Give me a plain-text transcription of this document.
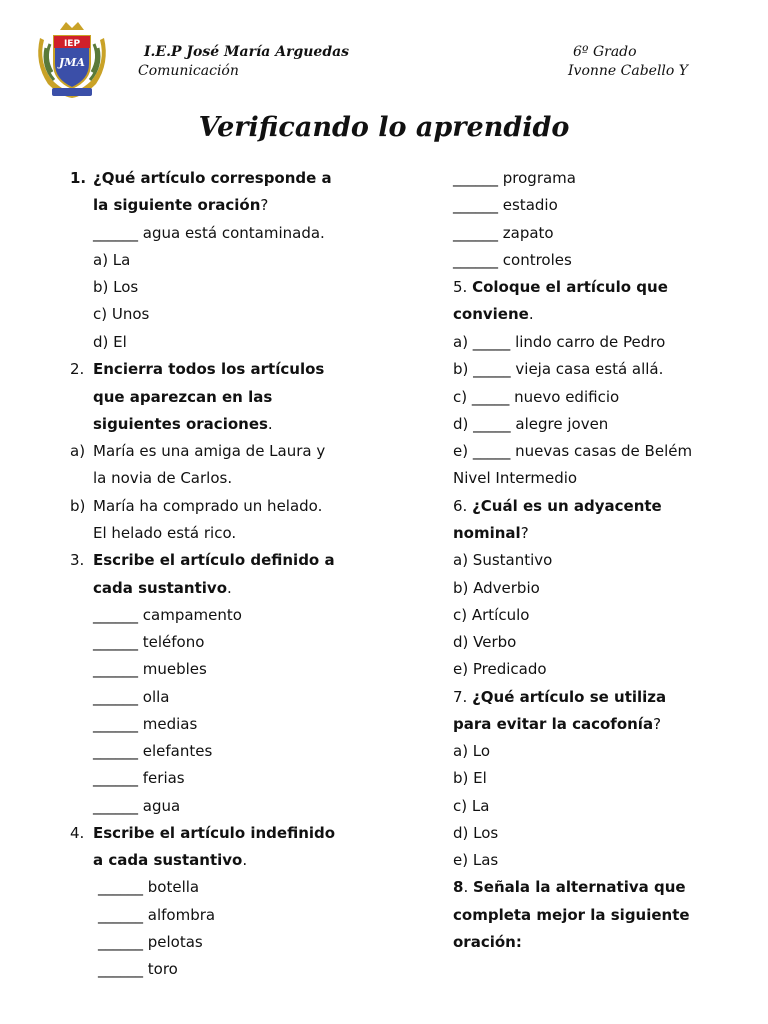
IEP
JMA
I.E.P José María Arguedas
Comunicación
6º Grado
Ivonne Cabello Y
Verificando lo aprendido
1. ¿Qué artículo corresponde a
la siguiente oración?
______ agua está contaminada.
a) La
b) Los
c) Unos
d) El
2. Encierra todos los artículos
que aparezcan en las
siguientes oraciones.
a) María es una amiga de Laura y
la novia de Carlos.
b) María ha comprado un helado.
El helado está rico.
3. Escribe el artículo definido a
cada sustantivo.
______ campamento
______ teléfono
______ muebles
______ olla
______ medias
______ elefantes
______ ferias
______ agua
4. Escribe el artículo indefinido
a cada sustantivo.
______ botella
______ alfombra
______ pelotas
______ toro
______ programa
______ estadio
______ zapato
______ controles
5. Coloque el artículo que
conviene.
a) _____ lindo carro de Pedro
b) _____ vieja casa está allá.
c) _____ nuevo edificio
d) _____ alegre joven
e) _____ nuevas casas de Belém
Nivel Intermedio
6. ¿Cuál es un adyacente
nominal?
a) Sustantivo
b) Adverbio
c) Artículo
d) Verbo
e) Predicado
7. ¿Qué artículo se utiliza
para evitar la cacofonía?
a) Lo
b) El
c) La
d) Los
e) Las
8. Señala la alternativa que
completa mejor la siguiente
oración:
